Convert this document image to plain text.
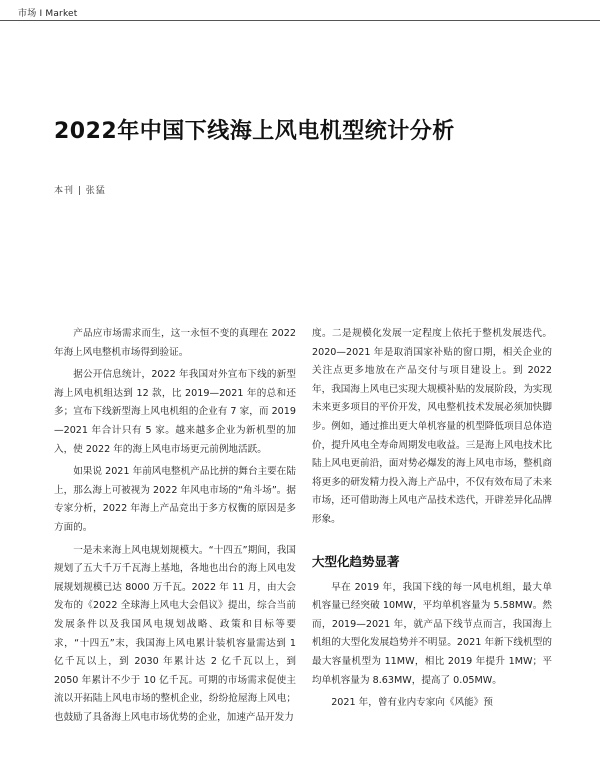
市场 I Market
2022年中国下线海上风电机型统计分析
本刊 | 张猛

产品应市场需求而生，这一永恒不变的真理在 2022 年海上风电整机市场得到验证。

据公开信息统计，2022 年我国对外宣布下线的新型海上风电机组达到 12 款，比 2019—2021 年的总和还多；宣布下线新型海上风电机组的企业有 7 家，而 2019—2021 年合计只有 5 家。越来越多企业为新机型的加入，使 2022 年的海上风电市场更元前例地活跃。

如果说 2021 年前风电整机产品比拼的舞台主要在陆上，那么海上可被视为 2022 年风电市场的“角斗场”。据专家分析，2022 年海上产品竞出于多方权衡的原因是多方面的。

一是未来海上风电规划规模大。“十四五”期间，我国规划了五大千万千瓦海上基地，各地也出台的海上风电发展规划规模已达 8000 万千瓦。2022 年 11 月，由大会发布的《2022 全球海上风电大会倡议》提出，综合当前发展条件以及我国风电规划战略、政策和目标等要求，“十四五”末，我国海上风电累计装机容量需达到 1 亿千瓦以上，到 2030 年累计达 2 亿千瓦以上，到 2050 年累计不少于 10 亿千瓦。可期的市场需求促使主流以开拓陆上风电市场的整机企业，纷纷抢屋海上风电；也鼓励了具备海上风电市场优势的企业，加速产品开发力

度。二是规模化发展一定程度上依托于整机发展迭代。2020—2021 年是取消国家补贴的窗口期，相关企业的关注点更多地放在产品交付与项目建设上。到 2022 年，我国海上风电已实现大规模补贴的发展阶段，为实现未来更多项目的平价开发，风电整机技术发展必须加快脚步。例如，通过推出更大单机容量的机型降低项目总体造价，提升风电全寿命周期发电收益。三是海上风电技术比陆上风电更前沿，面对势必爆发的海上风电市场，整机商将更多的研发精力投入海上产品中，不仅有效布局了未来市场，还可借助海上风电产品技术迭代，开辟差异化品牌形象。

大型化趋势显著

早在 2019 年，我国下线的每一风电机组，最大单机容量已经突破 10MW，平均单机容量为 5.58MW。然而，2019—2021 年，就产品下线节点而言，我国海上机组的大型化发展趋势并不明显。2021 年新下线机型的最大容量机型为 11MW，相比 2019 年提升 1MW；平均单机容量为 8.63MW，提高了 0.05MW。

2021 年，曾有业内专家向《风能》预
